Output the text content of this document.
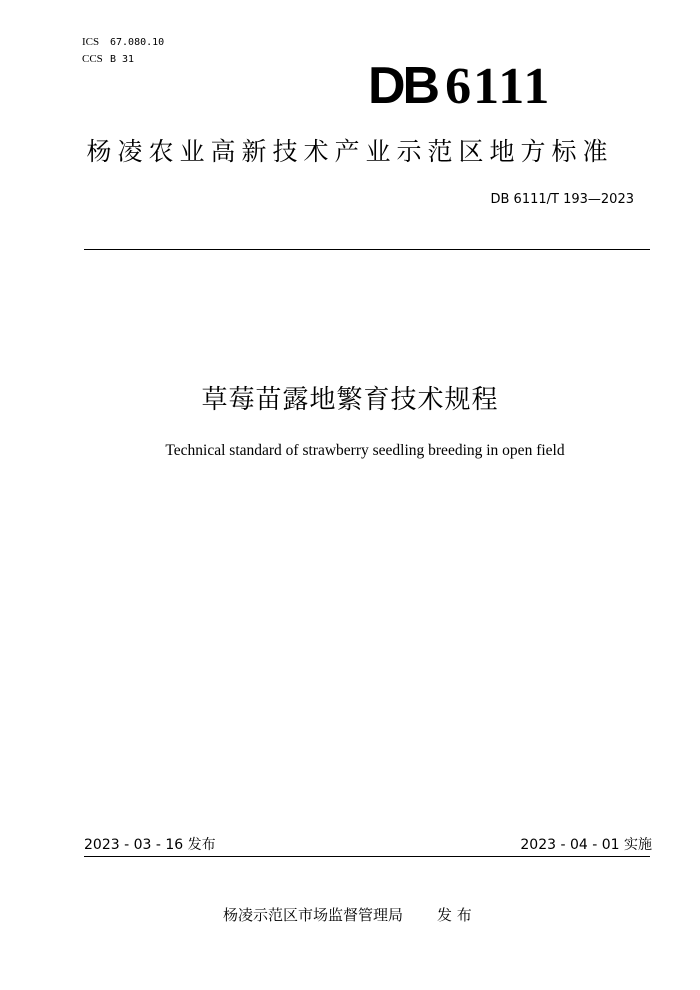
ICS 67.080.10
CCS B 31	DB 6111
杨凌农业高新技术产业示范区地方标准
DB 6111/T 193—2023
草莓苗露地繁育技术规程
Technical standard of strawberry seedling breeding in open field
2023 - 03 - 16 发布	2023 - 04 - 01 实施
杨凌示范区市场监督管理局 发 布
